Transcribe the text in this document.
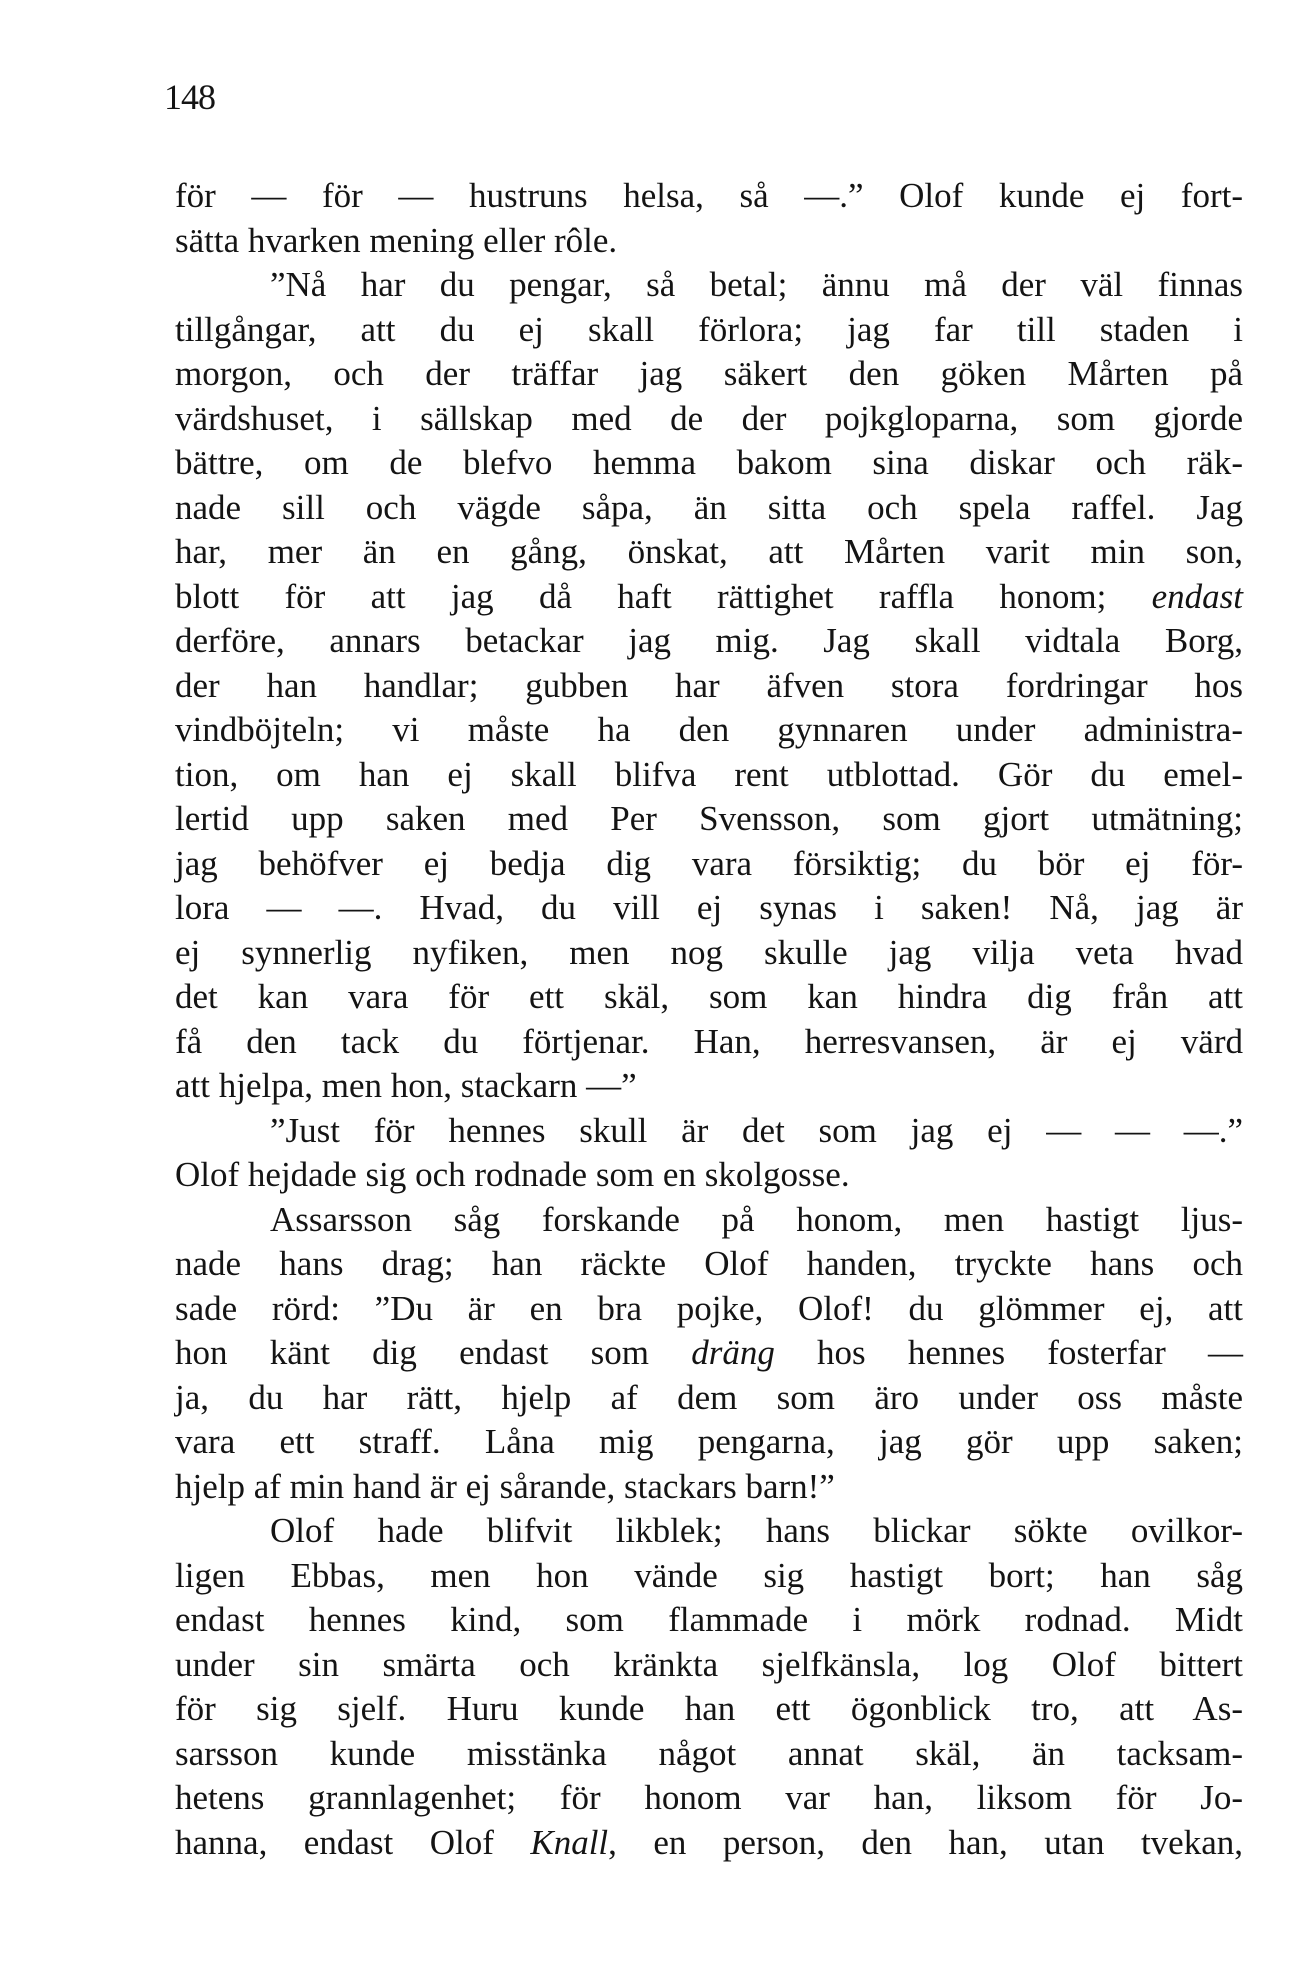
148
för — för — hustruns helsa, så —.” Olof kunde ej fort-
sätta hvarken mening eller rôle.
”Nå har du pengar, så betal; ännu må der väl finnas
tillgångar, att du ej skall förlora; jag far till staden i
morgon, och der träffar jag säkert den göken Mårten på
värdshuset, i sällskap med de der pojkgloparna, som gjorde
bättre, om de blefvo hemma bakom sina diskar och räk-
nade sill och vägde såpa, än sitta och spela raffel. Jag
har, mer än en gång, önskat, att Mårten varit min son,
blott för att jag då haft rättighet raffla honom; endast
derföre, annars betackar jag mig. Jag skall vidtala Borg,
der han handlar; gubben har äfven stora fordringar hos
vindböjteln; vi måste ha den gynnaren under administra-
tion, om han ej skall blifva rent utblottad. Gör du emel-
lertid upp saken med Per Svensson, som gjort utmätning;
jag behöfver ej bedja dig vara försiktig; du bör ej för-
lora — —. Hvad, du vill ej synas i saken! Nå, jag är
ej synnerlig nyfiken, men nog skulle jag vilja veta hvad
det kan vara för ett skäl, som kan hindra dig från att
få den tack du förtjenar. Han, herresvansen, är ej värd
att hjelpa, men hon, stackarn —”
”Just för hennes skull är det som jag ej — — —.”
Olof hejdade sig och rodnade som en skolgosse.
Assarsson såg forskande på honom, men hastigt ljus-
nade hans drag; han räckte Olof handen, tryckte hans och
sade rörd: ”Du är en bra pojke, Olof! du glömmer ej, att
hon känt dig endast som dräng hos hennes fosterfar —
ja, du har rätt, hjelp af dem som äro under oss måste
vara ett straff. Låna mig pengarna, jag gör upp saken;
hjelp af min hand är ej sårande, stackars barn!”
Olof hade blifvit likblek; hans blickar sökte ovilkor-
ligen Ebbas, men hon vände sig hastigt bort; han såg
endast hennes kind, som flammade i mörk rodnad. Midt
under sin smärta och kränkta sjelfkänsla, log Olof bittert
för sig sjelf. Huru kunde han ett ögonblick tro, att As-
sarsson kunde misstänka något annat skäl, än tacksam-
hetens grannlagenhet; för honom var han, liksom för Jo-
hanna, endast Olof Knall, en person, den han, utan tvekan,
